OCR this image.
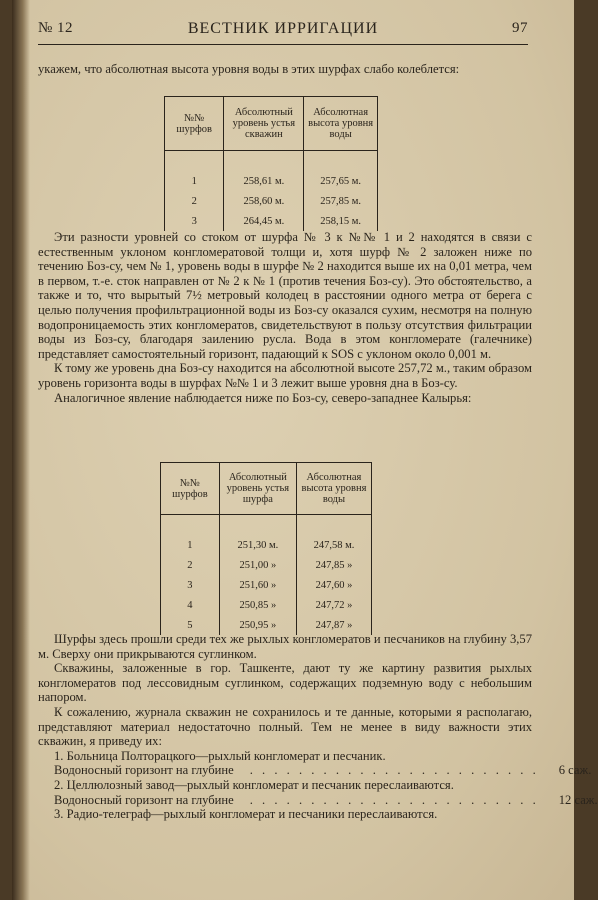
№ 12	ВЕСТНИК ИРРИГАЦИИ	97

укажем, что абсолютная высота уровня воды в этих шурфах слабо колеблется:

№№ шурфов	Абсолютный уровень устья скважин	Абсолютная высота уровня воды

1	258,61 м.	257,65 м.
2	258,60 м.	257,85 м.
3	264,45 м.	258,15 м.

Эти разности уровней со стоком от шурфа № 3 к №№ 1 и 2 находятся в связи с естественным уклоном конгломератовой толщи и, хотя шурф № 2 заложен ниже по течению Боз-су, чем № 1, уровень воды в шурфе № 2 находится выше их на 0,01 метра, чем в первом, т.-е. сток направлен от № 2 к № 1 (против течения Боз-су). Это обстоятельство, а также и то, что вырытый 7½ метровый колодец в расстоянии одного метра от берега с целью получения профильтрационной воды из Боз-су оказался сухим, несмотря на полную водопроницаемость этих конгломератов, свидетельствуют в пользу отсутствия фильтрации воды из Боз-су, благодаря заилению русла. Вода в этом конгломерате (галечнике) представляет самостоятельный горизонт, падающий к SOS с уклоном около 0,001 м.

К тому же уровень дна Боз-су находится на абсолютной высоте 257,72 м., таким образом уровень горизонта воды в шурфах №№ 1 и 3 лежит выше уровня дна в Боз-су.

Аналогичное явление наблюдается ниже по Боз-су, северо-западнее Калырья:

№№ шурфов	Абсолютный уровень устья шурфа	Абсолютная высота уровня воды

1	251,30 м.	247,58 м.
2	251,00 »	247,85 »
3	251,60 »	247,60 »
4	250,85 »	247,72 »
5	250,95 »	247,87 »

Шурфы здесь прошли среди тех же рыхлых конгломератов и песчаников на глубину 3,57 м. Сверху они прикрываются суглинком.

Скважины, заложенные в гор. Ташкенте, дают ту же картину развития рыхлых конгломератов под лессовидным суглинком, содержащих подземную воду с небольшим напором.

К сожалению, журнала скважин не сохранилось и те данные, которыми я располагаю, представляют материал недостаточно полный. Тем не менее в виду важности этих скважин, я приведу их:

1. Больница Полторацкого—рыхлый конгломерат и песчаник.

Водоносный горизонт на глубине	. . . . . . . . . . . . . . . . . . . . . . . .	6 саж.

2. Целлюлозный завод—рыхлый конгломерат и песчаник переслаиваются.

Водоносный горизонт на глубине	. . . . . . . . . . . . . . . . . . . . . . . .	12 саж.

3. Радио-телеграф—рыхлый конгломерат и песчаники переслаиваются.
